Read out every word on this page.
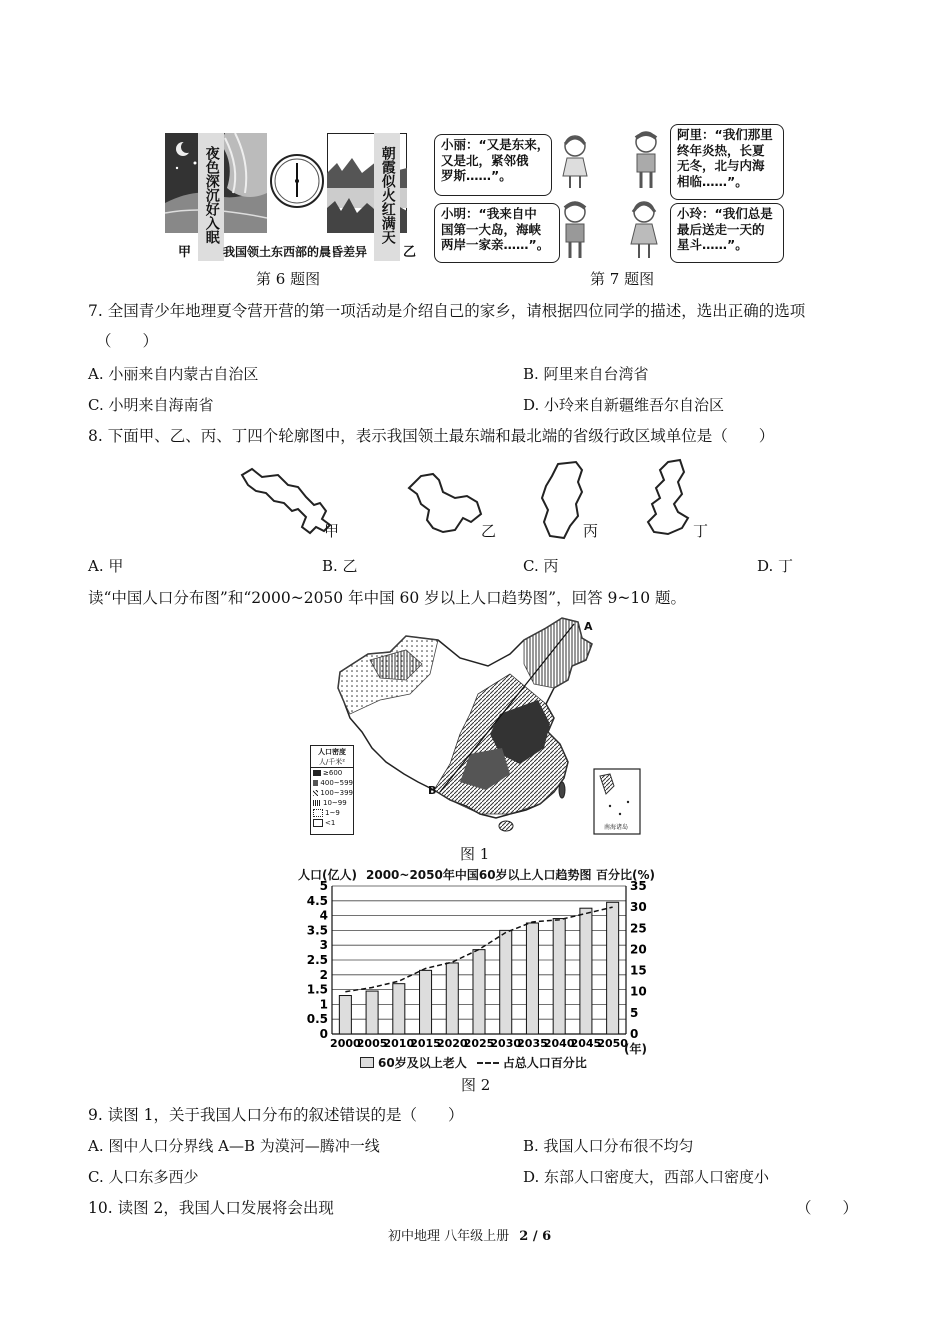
夜色深沉好入眠	朝霞似火红满天
甲	我国领土东西部的晨昏差异	乙
第 6 题图
小丽：“又是东来，
又是北，紧邻俄
罗斯……”。
阿里：“我们那里
终年炎热，长夏
无冬，北与内海
相临……”。
小明：“我来自中
国第一大岛，海峡
两岸一家亲……”。
小玲：“我们总是
最后送走一天的
星斗……”。
第 7 题图
7. 全国青少年地理夏令营开营的第一项活动是介绍自己的家乡，请根据四位同学的描述，选出正确的选项
（　　）
A. 小丽来自内蒙古自治区	B. 阿里来自台湾省
C. 小明来自海南省	D. 小玲来自新疆维吾尔自治区
8. 下面甲、乙、丙、丁四个轮廓图中，表示我国领土最东端和最北端的省级行政区域单位是（　　）
甲	乙	丙	丁
A. 甲	B. 乙	C. 丙	D. 丁
读“中国人口分布图”和“2000~2050 年中国 60 岁以上人口趋势图”，回答 9~10 题。
A
B
南海诸岛
人口密度
人/千米²
≥600
400~599
100~399
10~99
1~9
<1
图 1
0
0.5
1
1.5
2
2.5
3
3.5
4
4.5
5
0
5
10
15
20
25
30
35
2000
2005
2010
2015
2020
2025
2030
2035
2040
2045
2050
人口(亿人) 2000~2050年中国60岁以上人口趋势图 百分比(%)
(年)
60岁及以上老人	占总人口百分比
图 2
9. 读图 1，关于我国人口分布的叙述错误的是（　　）
A. 图中人口分界线 A—B 为漠河—腾冲一线	B. 我国人口分布很不均匀
C. 人口东多西少	D. 东部人口密度大，西部人口密度小
10. 读图 2，我国人口发展将会出现	（　　）
初中地理 八年级上册 2 / 6
